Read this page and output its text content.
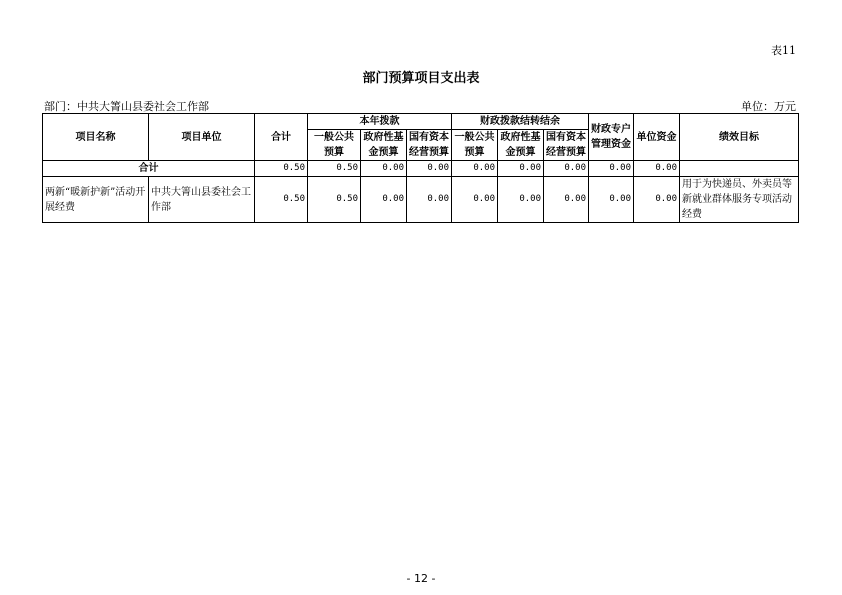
表11
部门预算项目支出表
部门：中共大箐山县委社会工作部	单位：万元
项目名称	项目单位	合计	本年拨款			财政拨款结转结余			财政专户管理资金	单位资金	绩效目标
			一般公共预算	政府性基金预算	国有资本经营预算	一般公共预算	政府性基金预算	国有资本经营预算			

合计		0.50	0.50	0.00	0.00	0.00	0.00	0.00	0.00	0.00	
两新“暖新护新”活动开展经费	中共大箐山县委社会工作部	0.50	0.50	0.00	0.00	0.00	0.00	0.00	0.00	0.00	用于为快递员、外卖员等新就业群体服务专项活动经费
- 12 -
